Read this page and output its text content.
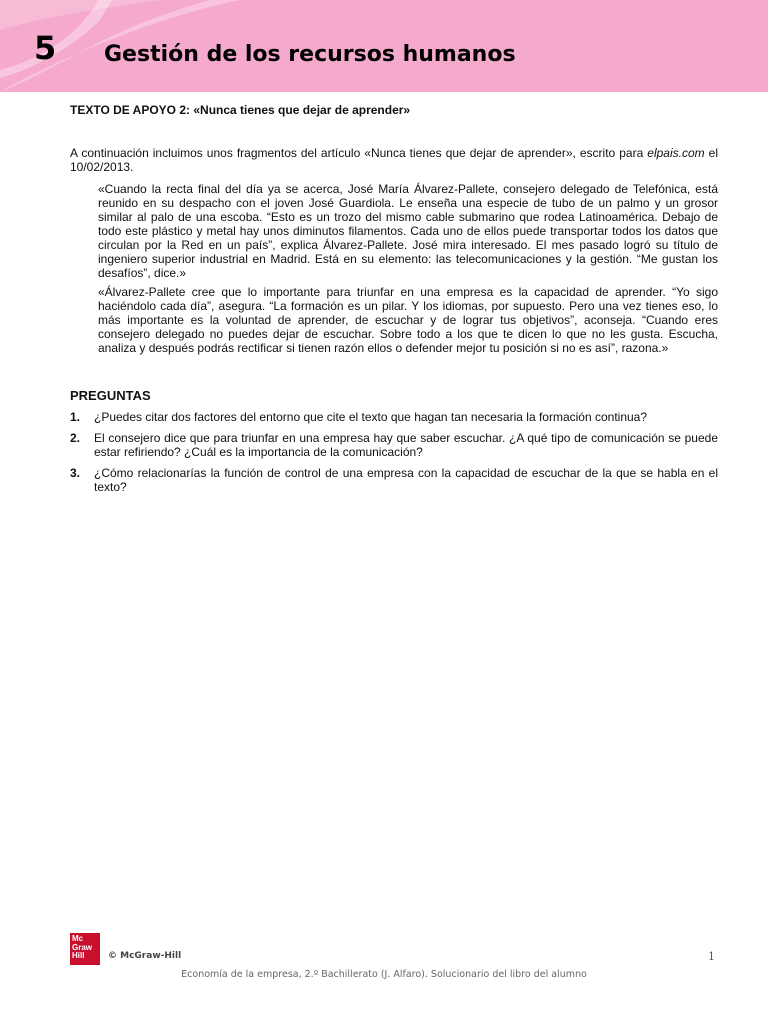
5 Gestión de los recursos humanos

TEXTO DE APOYO 2: «Nunca tienes que dejar de aprender»

A continuación incluimos unos fragmentos del artículo «Nunca tienes que dejar de aprender», escrito para elpais.com el 10/02/2013.

«Cuando la recta final del día ya se acerca, José María Álvarez-Pallete, consejero delegado de Telefónica, está reunido en su despacho con el joven José Guardiola. Le enseña una especie de tubo de un palmo y un grosor similar al palo de una escoba. “Esto es un trozo del mismo cable submarino que rodea Latinoamérica. Debajo de todo este plástico y metal hay unos diminutos filamentos. Cada uno de ellos puede transportar todos los datos que circulan por la Red en un país”, explica Álvarez-Pallete. José mira interesado. El mes pasado logró su título de ingeniero superior industrial en Madrid. Está en su elemento: las telecomunicaciones y la gestión. “Me gustan los desafíos”, dice.»

«Álvarez-Pallete cree que lo importante para triunfar en una empresa es la capacidad de aprender. “Yo sigo haciéndolo cada día”, asegura. “La formación es un pilar. Y los idiomas, por supuesto. Pero una vez tienes eso, lo más importante es la voluntad de aprender, de escuchar y de lograr tus objetivos”, aconseja. “Cuando eres consejero delegado no puedes dejar de escuchar. Sobre todo a los que te dicen lo que no les gusta. Escucha, analiza y después podrás rectificar si tienen razón ellos o defender mejor tu posición si no es así”, razona.»

PREGUNTAS

1. ¿Puedes citar dos factores del entorno que cite el texto que hagan tan necesaria la formación continua?
2. El consejero dice que para triunfar en una empresa hay que saber escuchar. ¿A qué tipo de comunicación se puede estar refiriendo? ¿Cuál es la importancia de la comunicación?
3. ¿Cómo relacionarías la función de control de una empresa con la capacidad de escuchar de la que se habla en el texto?
Mc
Graw
Hill	© McGraw-Hill	1
Economía de la empresa, 2.º Bachillerato (J. Alfaro). Solucionario del libro del alumno
